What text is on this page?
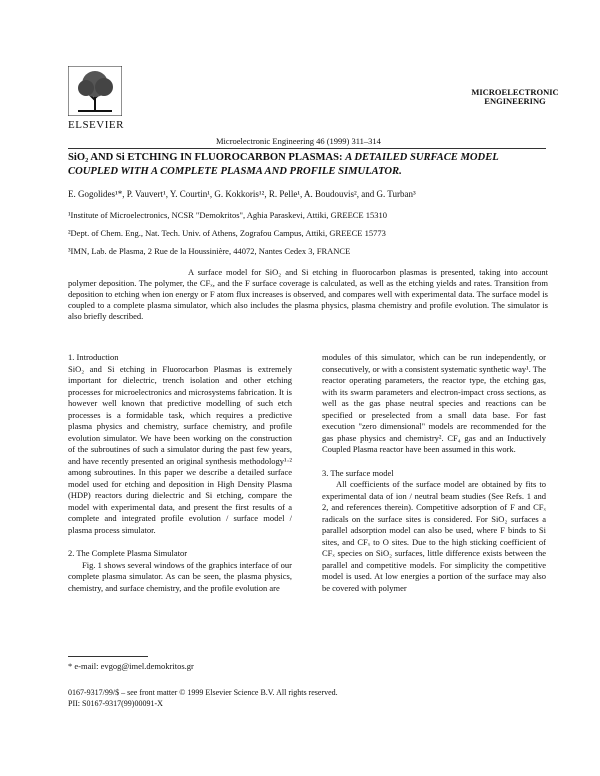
ELSEVIER
Microelectronic Engineering 46 (1999) 311–314
MICROELECTRONIC
ENGINEERING
SiO₂ AND Si ETCHING IN FLUOROCARBON PLASMAS: A DETAILED SURFACE MODEL COUPLED WITH A COMPLETE PLASMA AND PROFILE SIMULATOR.
E. Gogolides¹*, P. Vauvert¹, Y. Courtin¹, G. Kokkoris¹², R. Pelle¹, A. Boudouvis², and G. Turban³
¹Institute of Microelectronics, NCSR "Demokritos", Aghia Paraskevi, Attiki, GREECE 15310
²Dept. of Chem. Eng., Nat. Tech. Univ. of Athens, Zografou Campus, Attiki, GREECE 15773
³IMN, Lab. de Plasma, 2 Rue de la Houssinière, 44072, Nantes Cedex 3, FRANCE
A surface model for SiO₂ and Si etching in fluorocarbon plasmas is presented, taking into account polymer deposition. The polymer, the CFₓ, and the F surface coverage is calculated, as well as the etching yields and rates. Transition from deposition to etching when ion energy or F atom flux increases is observed, and compares well with experimental data. The surface model is coupled to a complete plasma simulator, which also includes the plasma physics, plasma chemistry and profile evolution. The simulator is also briefly described.
1. Introduction
SiO₂ and Si etching in Fluorocarbon Plasmas is extremely important for dielectric, trench isolation and other etching processes for microelectronics and microsystems fabrication. It is however well known that predictive modelling of such etch processes is a formidable task, which requires a predictive plasma physics and chemistry, surface chemistry, and profile evolution simulator. We have been working on the construction of the subroutines of such a simulator during the past few years, and have recently presented an original synthesis methodology¹·² among subroutines. In this paper we describe a detailed surface model used for etching and deposition in High Density Plasma (HDP) reactors during dielectric and Si etching, compare the model with experimental data, and present the first results of a complete and integrated profile evolution / surface model / plasma process simulator.
2. The Complete Plasma Simulator
Fig. 1 shows several windows of the graphics interface of our complete plasma simulator. As can be seen, the plasma physics, chemistry, and surface chemistry, and the profile evolution are
modules of this simulator, which can be run independently, or consecutively, or with a consistent systematic synthetic way¹. The reactor operating parameters, the reactor type, the etching gas, with its swarm parameters and electron-impact cross sections, as well as the gas phase neutral species and reactions can be specified or preselected from a small data base. For fast execution "zero dimensional" models are recommended for the gas phase physics and chemistry². CF₄ gas and an Inductively Coupled Plasma reactor have been assumed in this work.
3. The surface model
All coefficients of the surface model are obtained by fits to experimental data of ion / neutral beam studies (See Refs. 1 and 2, and references therein). Competitive adsorption of F and CFₓ radicals on the surface sites is considered. For SiO₂ surfaces a parallel adsorption model can also be used, where F binds to Si sites, and CFₓ to O sites. Due to the high sticking coefficient of CFₓ species on SiO₂ surfaces, little difference exists between the parallel and competitive models. For simplicity the competitive model is used. At low energies a portion of the surface may also be covered with polymer
* e-mail: evgog@imel.demokritos.gr
0167-9317/99/$ – see front matter © 1999 Elsevier Science B.V. All rights reserved.
PII: S0167-9317(99)00091-X
